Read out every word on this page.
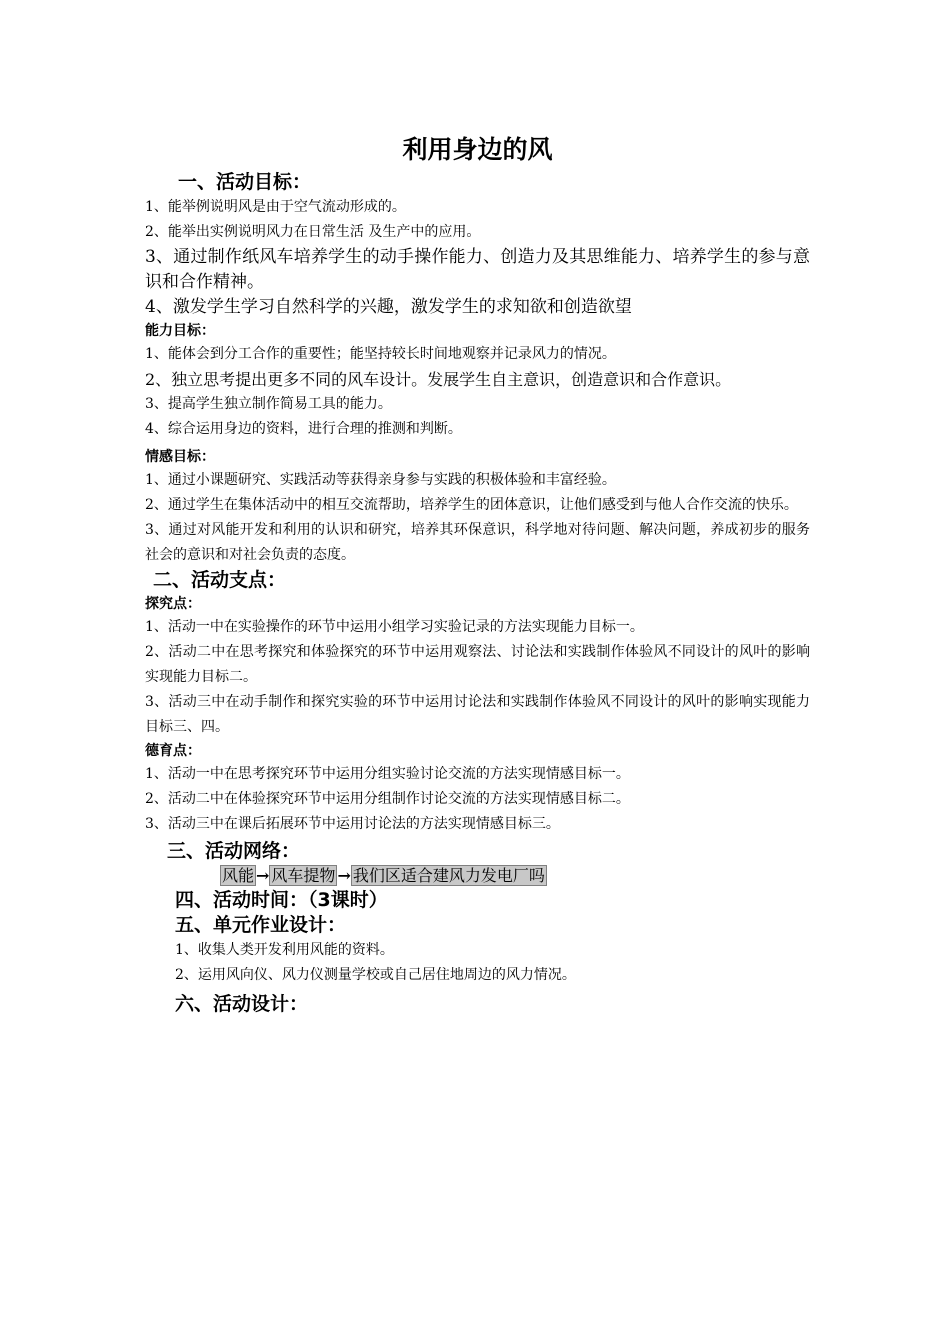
利用身边的风
一、活动目标：
1、能举例说明风是由于空气流动形成的。
2、能举出实例说明风力在日常生活 及生产中的应用。
3、通过制作纸风车培养学生的动手操作能力、创造力及其思维能力、培养学生的参与意识和合作精神。
4、激发学生学习自然科学的兴趣，激发学生的求知欲和创造欲望
能力目标：
1、能体会到分工合作的重要性；能坚持较长时间地观察并记录风力的情况。
2、独立思考提出更多不同的风车设计。发展学生自主意识，创造意识和合作意识。
3、提高学生独立制作简易工具的能力。
4、综合运用身边的资料，进行合理的推测和判断。
情感目标：
1、通过小课题研究、实践活动等获得亲身参与实践的积极体验和丰富经验。
2、通过学生在集体活动中的相互交流帮助，培养学生的团体意识，让他们感受到与他人合作交流的快乐。
3、通过对风能开发和利用的认识和研究，培养其环保意识，科学地对待问题、解决问题，养成初步的服务社会的意识和对社会负责的态度。
二、活动支点：
探究点：
1、活动一中在实验操作的环节中运用小组学习实验记录的方法实现能力目标一。
2、活动二中在思考探究和体验探究的环节中运用观察法、讨论法和实践制作体验风不同设计的风叶的影响实现能力目标二。
3、活动三中在动手制作和探究实验的环节中运用讨论法和实践制作体验风不同设计的风叶的影响实现能力目标三、四。
德育点：
1、活动一中在思考探究环节中运用分组实验讨论交流的方法实现情感目标一。
2、活动二中在体验探究环节中运用分组制作讨论交流的方法实现情感目标二。
3、活动三中在课后拓展环节中运用讨论法的方法实现情感目标三。
三、活动网络：
风能 → 风车提物 → 我们区适合建风力发电厂吗
四、活动时间：（3课时）
五、单元作业设计：
1、收集人类开发利用风能的资料。
2、运用风向仪、风力仪测量学校或自己居住地周边的风力情况。
六、活动设计：
